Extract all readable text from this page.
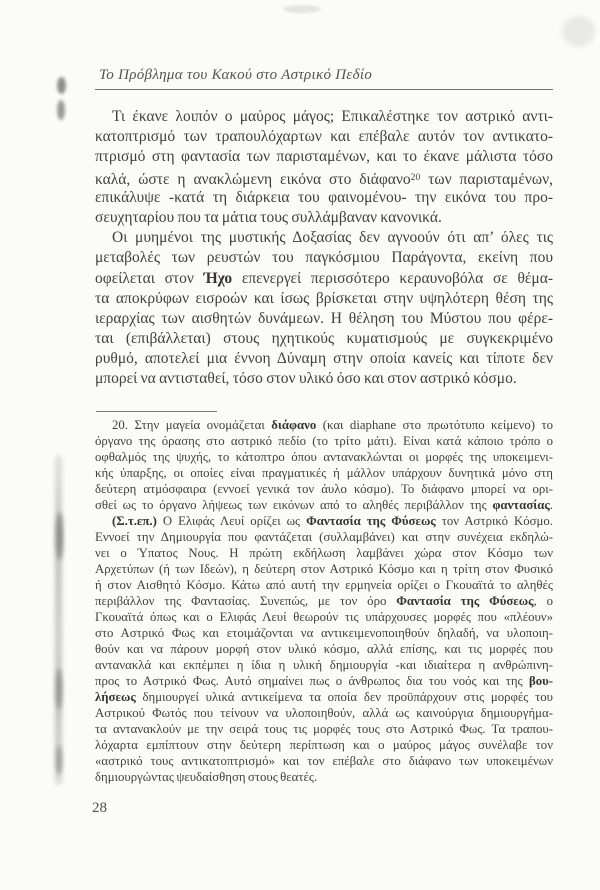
Το Πρόβλημα του Κακού στο Αστρικό Πεδίο
Τι έκανε λοιπόν ο μαύρος μάγος; Επικαλέστηκε τον αστρικό αντι-
κατοπτρισμό των τραπουλόχαρτων και επέβαλε αυτόν τον αντικατο-
πτρισμό στη φαντασία των παρισταμένων, και το έκανε μάλιστα τόσο
καλά, ώστε η ανακλώμενη εικόνα στο διάφανο$^{20}$ των παρισταμένων,
επικάλυψε -κατά τη διάρκεια του φαινομένου- την εικόνα του προ-
σευχηταρίου που τα μάτια τους συλλάμβαναν κανονικά.
Οι μυημένοι της μυστικής Δοξασίας δεν αγνοούν ότι απ’ όλες τις
μεταβολές των ρευστών του παγκόσμιου Παράγοντα, εκείνη που
οφείλεται στον Ήχο επενεργεί περισσότερο κεραυνοβόλα σε θέμα-
τα αποκρύφων εισροών και ίσως βρίσκεται στην υψηλότερη θέση της
ιεραρχίας των αισθητών δυνάμεων. Η θέληση του Μύστου που φέρε-
ται (επιβάλλεται) στους ηχητικούς κυματισμούς με συγκεκριμένο
ρυθμό, αποτελεί μια έννοη Δύναμη στην οποία κανείς και τίποτε δεν
μπορεί να αντισταθεί, τόσο στον υλικό όσο και στον αστρικό κόσμο.
20. Στην μαγεία ονομάζεται διάφανο (και diaphane στο πρωτότυπο κείμενο) το
όργανο της όρασης στο αστρικό πεδίο (το τρίτο μάτι). Είναι κατά κάποιο τρόπο ο
οφθαλμός της ψυχής, το κάτοπτρο όπου αντανακλώνται οι μορφές της υποκειμενι-
κής ύπαρξης, οι οποίες είναι πραγματικές ή μάλλον υπάρχουν δυνητικά μόνο στη
δεύτερη ατμόσφαιρα (εννοεί γενικά τον άυλο κόσμο). Το διάφανο μπορεί να ορι-
σθεί ως το όργανο λήψεως των εικόνων από το αληθές περιβάλλον της φαντασίας.
(Σ.τ.επ.) Ο Ελιφάς Λευί ορίζει ως Φαντασία της Φύσεως τον Αστρικό Κόσμο.
Εννοεί την Δημιουργία που φαντάζεται (συλλαμβάνει) και στην συνέχεια εκδηλώ-
νει ο Ύπατος Νους. Η πρώτη εκδήλωση λαμβάνει χώρα στον Κόσμο των
Αρχετύπων (ή των Ιδεών), η δεύτερη στον Αστρικό Κόσμο και η τρίτη στον Φυσικό
ή στον Αισθητό Κόσμο. Κάτω από αυτή την ερμηνεία ορίζει ο Γκουαϊτά το αληθές
περιβάλλον της Φαντασίας. Συνεπώς, με τον όρο Φαντασία της Φύσεως, ο
Γκουαϊτά όπως και ο Ελιφάς Λευί θεωρούν τις υπάρχουσες μορφές που «πλέουν»
στο Αστρικό Φως και ετοιμάζονται να αντικειμενοποιηθούν δηλαδή, να υλοποιη-
θούν και να πάρουν μορφή στον υλικό κόσμο, αλλά επίσης, και τις μορφές που
αντανακλά και εκπέμπει η ίδια η υλική δημιουργία -και ιδιαίτερα η ανθρώπινη-
προς το Αστρικό Φως. Αυτό σημαίνει πως ο άνθρωπος δια του νοός και της βου-
λήσεως δημιουργεί υλικά αντικείμενα τα οποία δεν προϋπάρχουν στις μορφές του
Αστρικού Φωτός που τείνουν να υλοποιηθούν, αλλά ως καινούργια δημιουργήμα-
τα αντανακλούν με την σειρά τους τις μορφές τους στο Αστρικό Φως. Τα τραπου-
λόχαρτα εμπίπτουν στην δεύτερη περίπτωση και ο μαύρος μάγος συνέλαβε τον
«αστρικό τους αντικατοπτρισμό» και τον επέβαλε στο διάφανο των υποκειμένων
δημιουργώντας ψευδαίσθηση στους θεατές.
28
